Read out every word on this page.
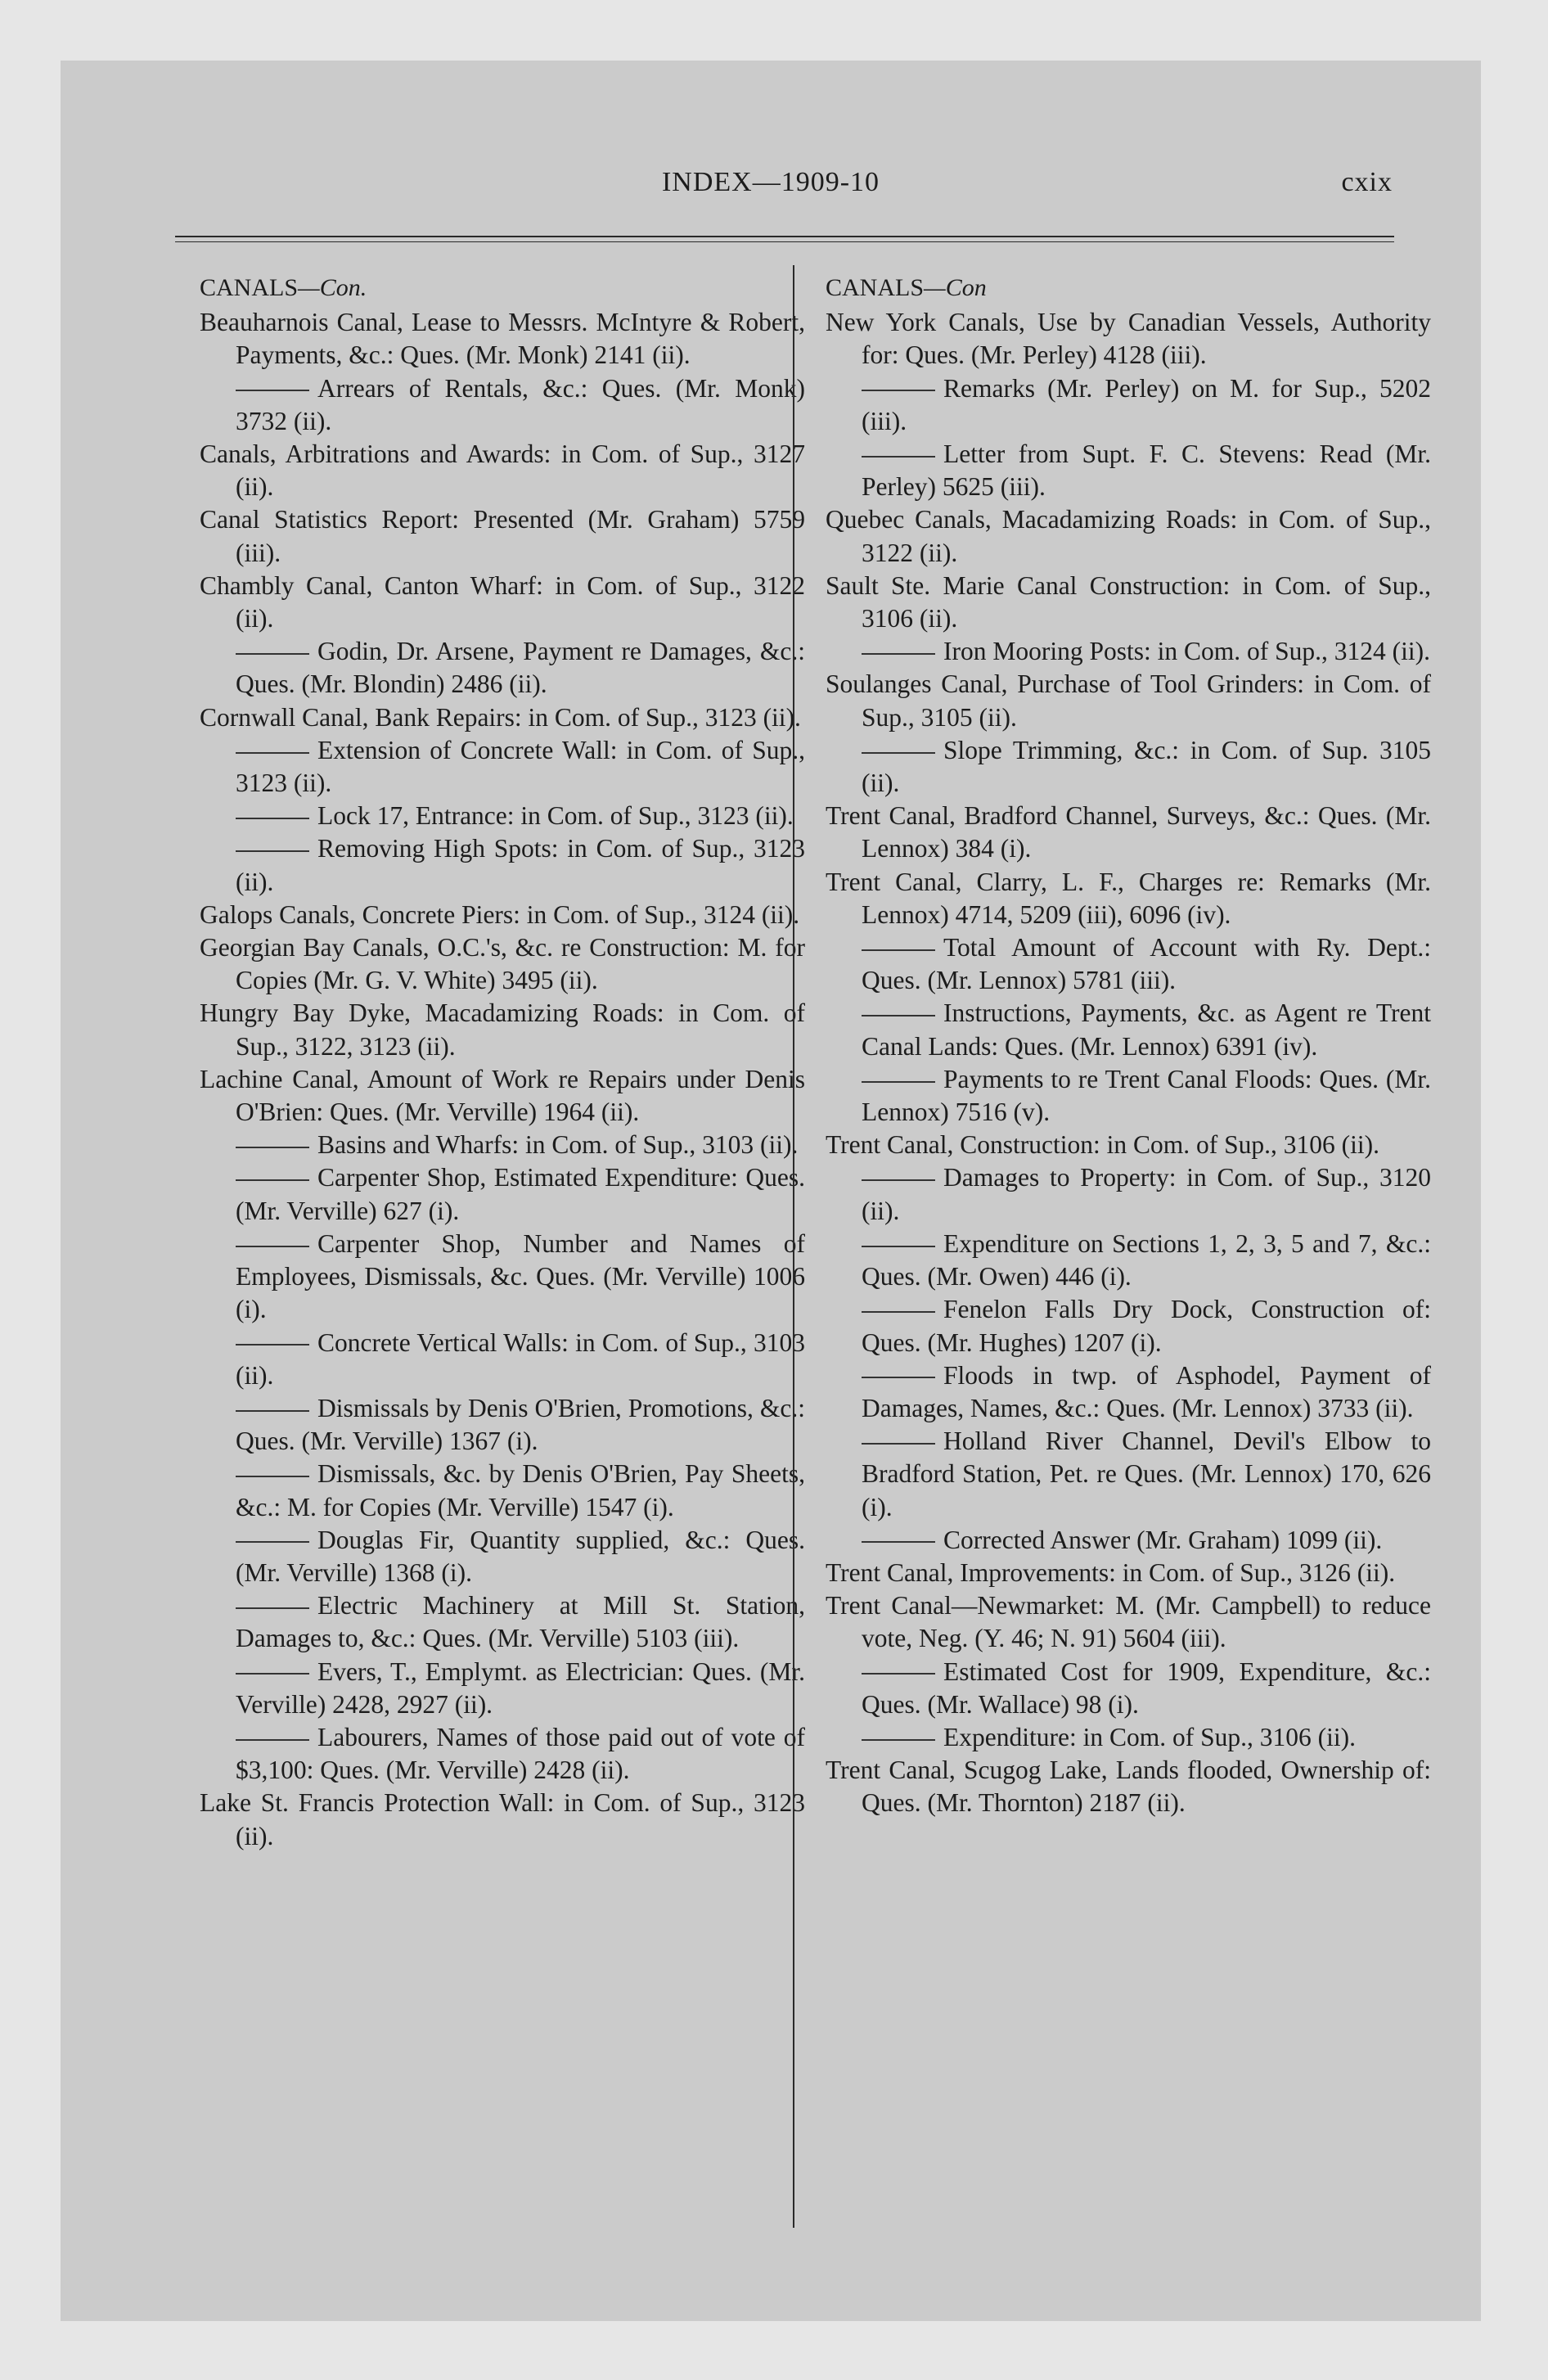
INDEX—1909-10	cxix
CANALS—Con.

Beauharnois Canal, Lease to Messrs. McIntyre & Robert, Payments, &c.: Ques. (Mr. Monk) 2141 (ii).

Arrears of Rentals, &c.: Ques. (Mr. Monk) 3732 (ii).

Canals, Arbitrations and Awards: in Com. of Sup., 3127 (ii).

Canal Statistics Report: Presented (Mr. Graham) 5759 (iii).

Chambly Canal, Canton Wharf: in Com. of Sup., 3122 (ii).

Godin, Dr. Arsene, Payment re Damages, &c.: Ques. (Mr. Blondin) 2486 (ii).

Cornwall Canal, Bank Repairs: in Com. of Sup., 3123 (ii).

Extension of Concrete Wall: in Com. of Sup., 3123 (ii).

Lock 17, Entrance: in Com. of Sup., 3123 (ii).

Removing High Spots: in Com. of Sup., 3123 (ii).

Galops Canals, Concrete Piers: in Com. of Sup., 3124 (ii).

Georgian Bay Canals, O.C.'s, &c. re Construction: M. for Copies (Mr. G. V. White) 3495 (ii).

Hungry Bay Dyke, Macadamizing Roads: in Com. of Sup., 3122, 3123 (ii).

Lachine Canal, Amount of Work re Repairs under Denis O'Brien: Ques. (Mr. Verville) 1964 (ii).

Basins and Wharfs: in Com. of Sup., 3103 (ii).

Carpenter Shop, Estimated Expenditure: Ques. (Mr. Verville) 627 (i).

Carpenter Shop, Number and Names of Employees, Dismissals, &c. Ques. (Mr. Verville) 1006 (i).

Concrete Vertical Walls: in Com. of Sup., 3103 (ii).

Dismissals by Denis O'Brien, Promotions, &c.: Ques. (Mr. Verville) 1367 (i).

Dismissals, &c. by Denis O'Brien, Pay Sheets, &c.: M. for Copies (Mr. Verville) 1547 (i).

Douglas Fir, Quantity supplied, &c.: Ques. (Mr. Verville) 1368 (i).

Electric Machinery at Mill St. Station, Damages to, &c.: Ques. (Mr. Verville) 5103 (iii).

Evers, T., Emplymt. as Electrician: Ques. (Mr. Verville) 2428, 2927 (ii).

Labourers, Names of those paid out of vote of $3,100: Ques. (Mr. Verville) 2428 (ii).

Lake St. Francis Protection Wall: in Com. of Sup., 3123 (ii).

CANALS—Con

New York Canals, Use by Canadian Vessels, Authority for: Ques. (Mr. Perley) 4128 (iii).

Remarks (Mr. Perley) on M. for Sup., 5202 (iii).

Letter from Supt. F. C. Stevens: Read (Mr. Perley) 5625 (iii).

Quebec Canals, Macadamizing Roads: in Com. of Sup., 3122 (ii).

Sault Ste. Marie Canal Construction: in Com. of Sup., 3106 (ii).

Iron Mooring Posts: in Com. of Sup., 3124 (ii).

Soulanges Canal, Purchase of Tool Grinders: in Com. of Sup., 3105 (ii).

Slope Trimming, &c.: in Com. of Sup. 3105 (ii).

Trent Canal, Bradford Channel, Surveys, &c.: Ques. (Mr. Lennox) 384 (i).

Trent Canal, Clarry, L. F., Charges re: Remarks (Mr. Lennox) 4714, 5209 (iii), 6096 (iv).

Total Amount of Account with Ry. Dept.: Ques. (Mr. Lennox) 5781 (iii).

Instructions, Payments, &c. as Agent re Trent Canal Lands: Ques. (Mr. Lennox) 6391 (iv).

Payments to re Trent Canal Floods: Ques. (Mr. Lennox) 7516 (v).

Trent Canal, Construction: in Com. of Sup., 3106 (ii).

Damages to Property: in Com. of Sup., 3120 (ii).

Expenditure on Sections 1, 2, 3, 5 and 7, &c.: Ques. (Mr. Owen) 446 (i).

Fenelon Falls Dry Dock, Construction of: Ques. (Mr. Hughes) 1207 (i).

Floods in twp. of Asphodel, Payment of Damages, Names, &c.: Ques. (Mr. Lennox) 3733 (ii).

Holland River Channel, Devil's Elbow to Bradford Station, Pet. re Ques. (Mr. Lennox) 170, 626 (i).

Corrected Answer (Mr. Graham) 1099 (ii).

Trent Canal, Improvements: in Com. of Sup., 3126 (ii).

Trent Canal—Newmarket: M. (Mr. Campbell) to reduce vote, Neg. (Y. 46; N. 91) 5604 (iii).

Estimated Cost for 1909, Expenditure, &c.: Ques. (Mr. Wallace) 98 (i).

Expenditure: in Com. of Sup., 3106 (ii).

Trent Canal, Scugog Lake, Lands flooded, Ownership of: Ques. (Mr. Thornton) 2187 (ii).
